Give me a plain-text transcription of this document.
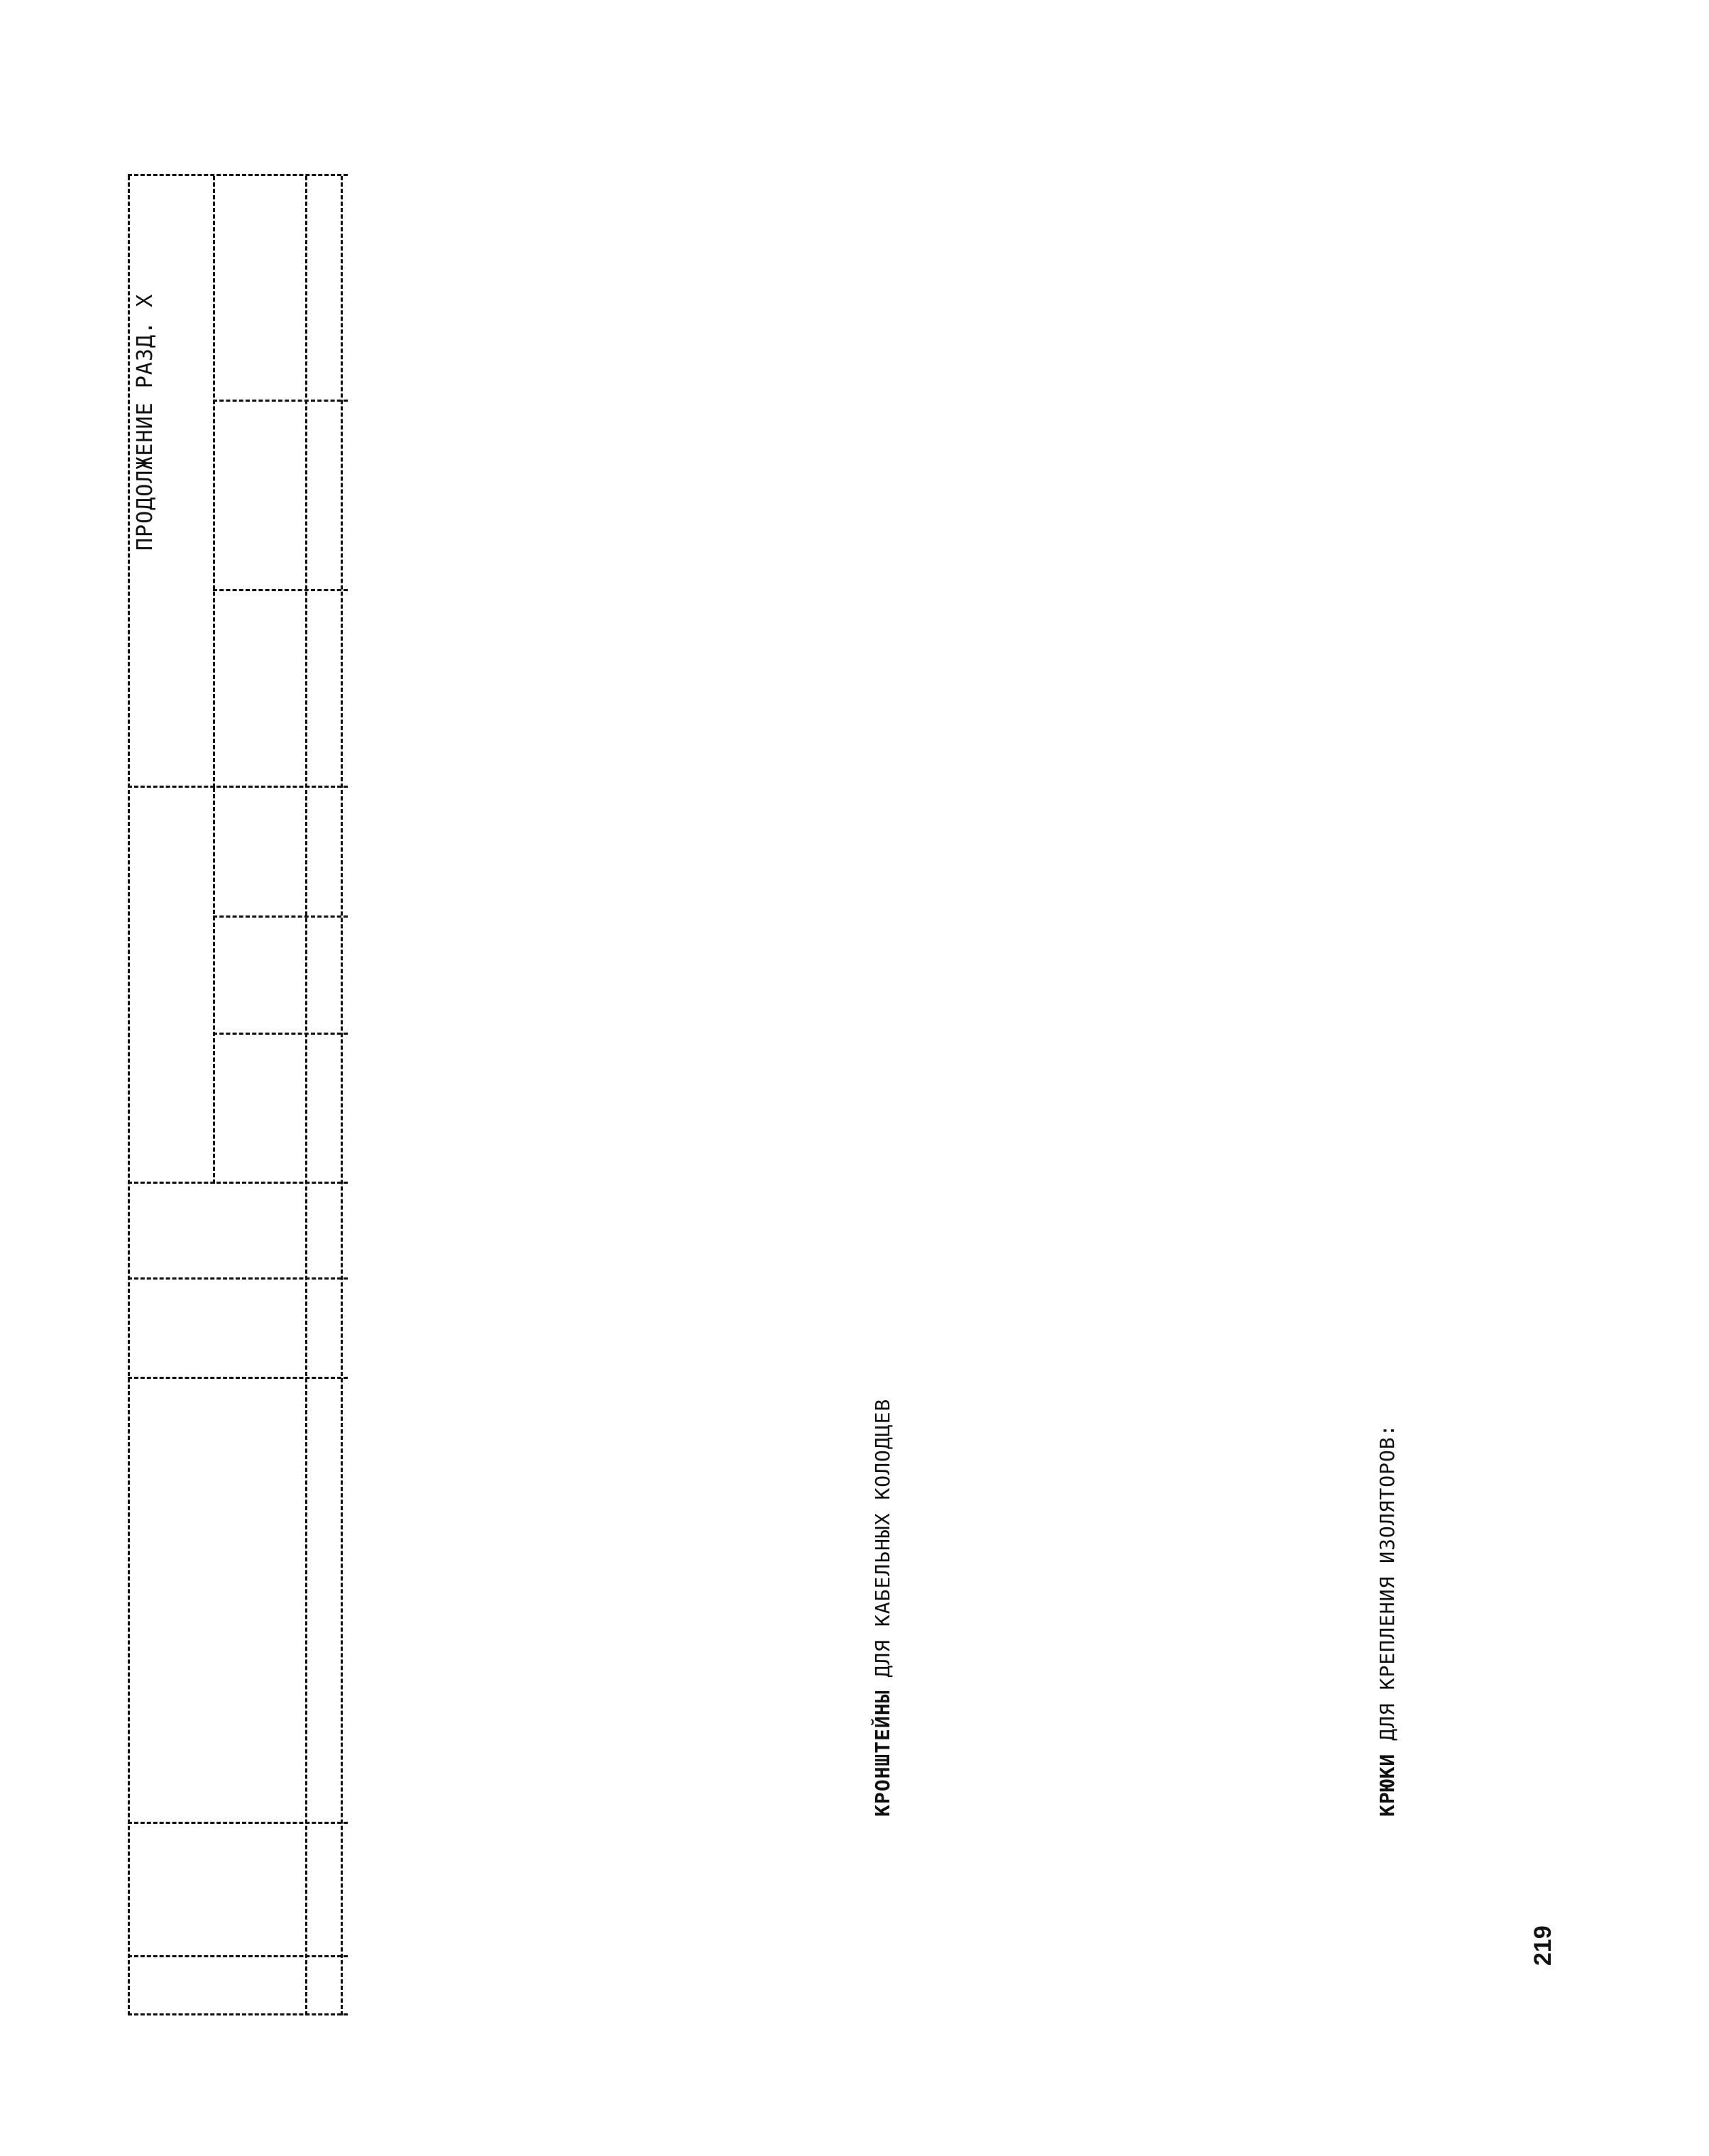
ПРОДОЛЖЕНИЕ РАЗД. Х
219
КРОНШТЕЙНЫ ДЛЯ КАБЕЛЬНЫХ КОЛОДЦЕВ
КРЮКИ ДЛЯ КРЕПЛЕНИЯ ИЗОЛЯТОРОВ:
